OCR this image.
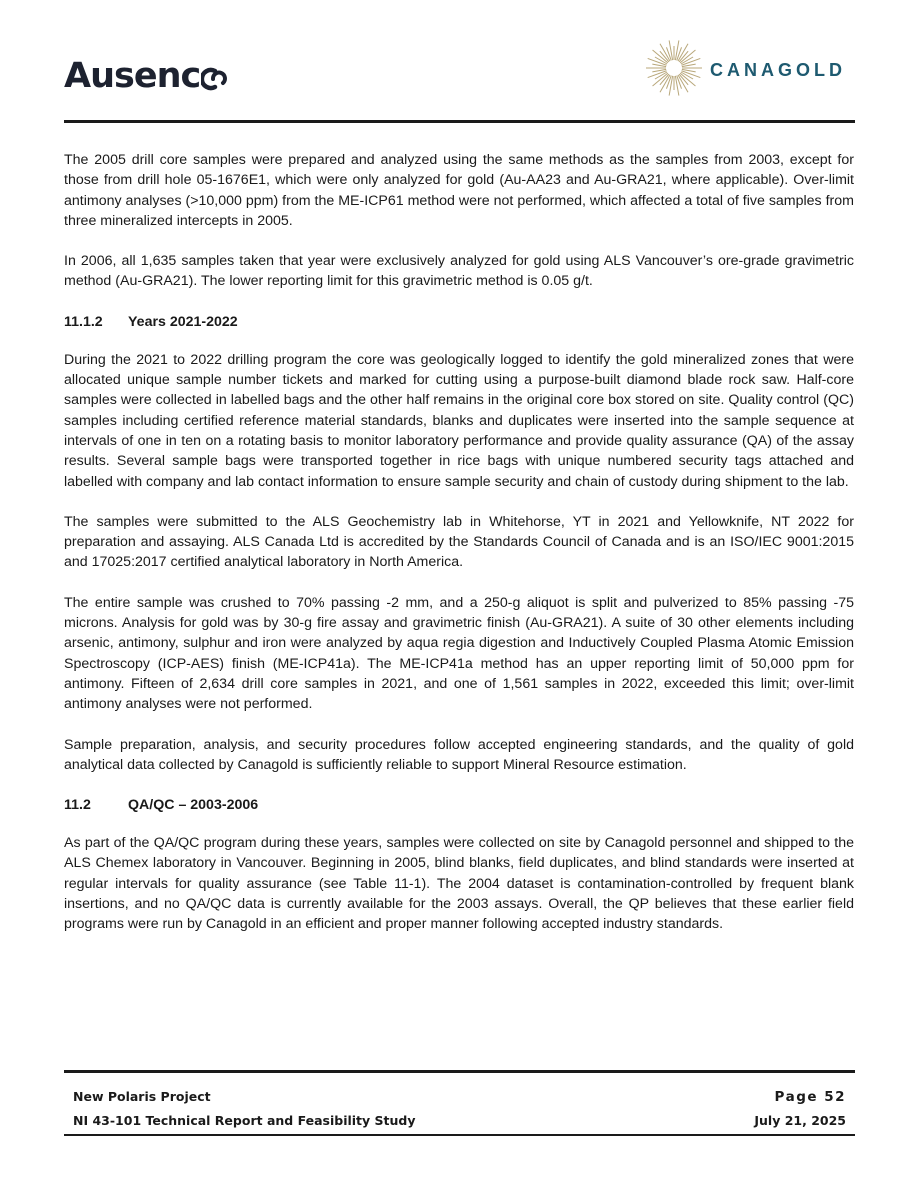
Ausenc	CANAGOLD

The 2005 drill core samples were prepared and analyzed using the same methods as the samples from 2003, except for those from drill hole 05-1676E1, which were only analyzed for gold (Au-AA23 and Au-GRA21, where applicable). Over-limit antimony analyses (>10,000 ppm) from the ME-ICP61 method were not performed, which affected a total of five samples from three mineralized intercepts in 2005.

In 2006, all 1,635 samples taken that year were exclusively analyzed for gold using ALS Vancouver’s ore-grade gravimetric method (Au-GRA21). The lower reporting limit for this gravimetric method is 0.05 g/t.

11.1.2	Years 2021-2022

During the 2021 to 2022 drilling program the core was geologically logged to identify the gold mineralized zones that were allocated unique sample number tickets and marked for cutting using a purpose-built diamond blade rock saw. Half-core samples were collected in labelled bags and the other half remains in the original core box stored on site. Quality control (QC) samples including certified reference material standards, blanks and duplicates were inserted into the sample sequence at intervals of one in ten on a rotating basis to monitor laboratory performance and provide quality assurance (QA) of the assay results. Several sample bags were transported together in rice bags with unique numbered security tags attached and labelled with company and lab contact information to ensure sample security and chain of custody during shipment to the lab.

The samples were submitted to the ALS Geochemistry lab in Whitehorse, YT in 2021 and Yellowknife, NT 2022 for preparation and assaying. ALS Canada Ltd is accredited by the Standards Council of Canada and is an ISO/IEC 9001:2015 and 17025:2017 certified analytical laboratory in North America.

The entire sample was crushed to 70% passing -2 mm, and a 250-g aliquot is split and pulverized to 85% passing -75 microns. Analysis for gold was by 30-g fire assay and gravimetric finish (Au-GRA21). A suite of 30 other elements including arsenic, antimony, sulphur and iron were analyzed by aqua regia digestion and Inductively Coupled Plasma Atomic Emission Spectroscopy (ICP-AES) finish (ME-ICP41a). The ME-ICP41a method has an upper reporting limit of 50,000 ppm for antimony. Fifteen of 2,634 drill core samples in 2021, and one of 1,561 samples in 2022, exceeded this limit; over-limit antimony analyses were not performed.

Sample preparation, analysis, and security procedures follow accepted engineering standards, and the quality of gold analytical data collected by Canagold is sufficiently reliable to support Mineral Resource estimation.

11.2	QA/QC – 2003-2006

As part of the QA/QC program during these years, samples were collected on site by Canagold personnel and shipped to the ALS Chemex laboratory in Vancouver. Beginning in 2005, blind blanks, field duplicates, and blind standards were inserted at regular intervals for quality assurance (see Table 11-1). The 2004 dataset is contamination-controlled by frequent blank insertions, and no QA/QC data is currently available for the 2003 assays. Overall, the QP believes that these earlier field programs were run by Canagold in an efficient and proper manner following accepted industry standards.

New Polaris Project
NI 43-101 Technical Report and Feasibility Study
Page 52
July 21, 2025
